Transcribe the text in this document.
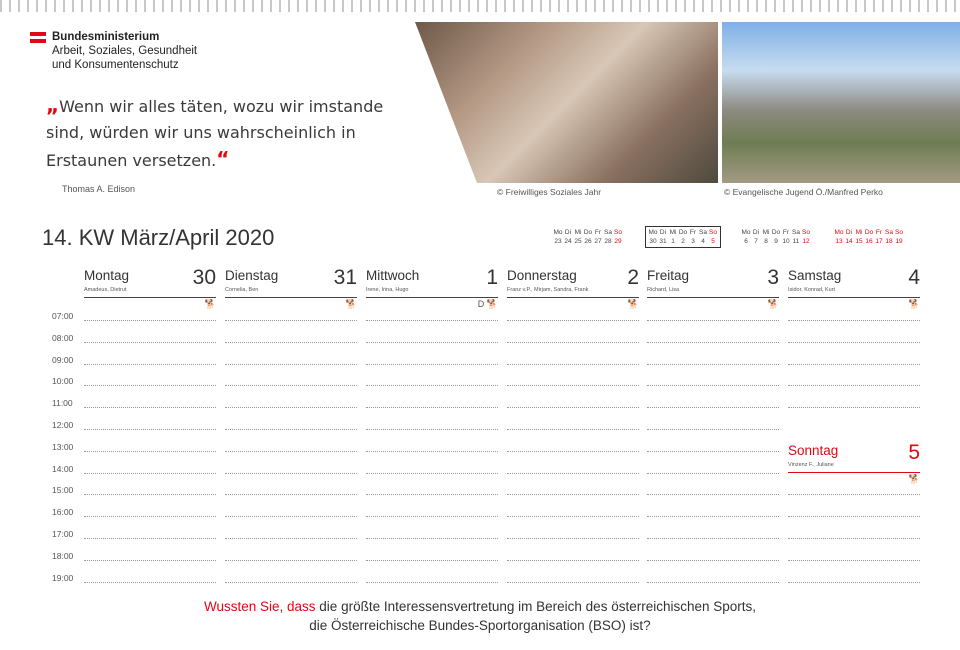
Bundesministerium
Arbeit, Soziales, Gesundheit
und Konsumentenschutz
„Wenn wir alles täten, wozu wir imstande sind, würden wir uns wahrscheinlich in Erstaunen versetzen.“
Thomas A. Edison	© Freiwilliges Soziales Jahr	© Evangelische Jugend Ö./Manfred Perko
14. KW März/April 2020	Mo Di Mi Do Fr Sa So
23 24 25 26 27 28 29
Mo Di Mi Do Fr Sa So
30 31 1 2 3 4 5
Mo Di Mi Do Fr Sa So
6 7 8 9 10 11 12
Mo Di Mi Do Fr Sa So
13 14 15 16 17 18 19
Montag	30
Amadeus, Dietrut
🐕
Dienstag	31
Cornelia, Ben
🐕
Mittwoch	1
Irene, Irina, Hugo
D 🐕
Donnerstag 2
Franz v.P., Mirjam, Sandra, Frank
🐕
Freitag	3
Richard, Lisa
🐕
Samstag	4
Isidor, Konrad, Kurt
🐕
Sonntag	5
Vinzenz F., Juliane
🐕
07:00
08:00
09:00
10:00
11:00
12:00
13:00
14:00
15:00
16:00
17:00
18:00
19:00
Wussten Sie, dass die größte Interessensvertretung im Bereich des österreichischen Sports,
die Österreichische Bundes-Sportorganisation (BSO) ist?
